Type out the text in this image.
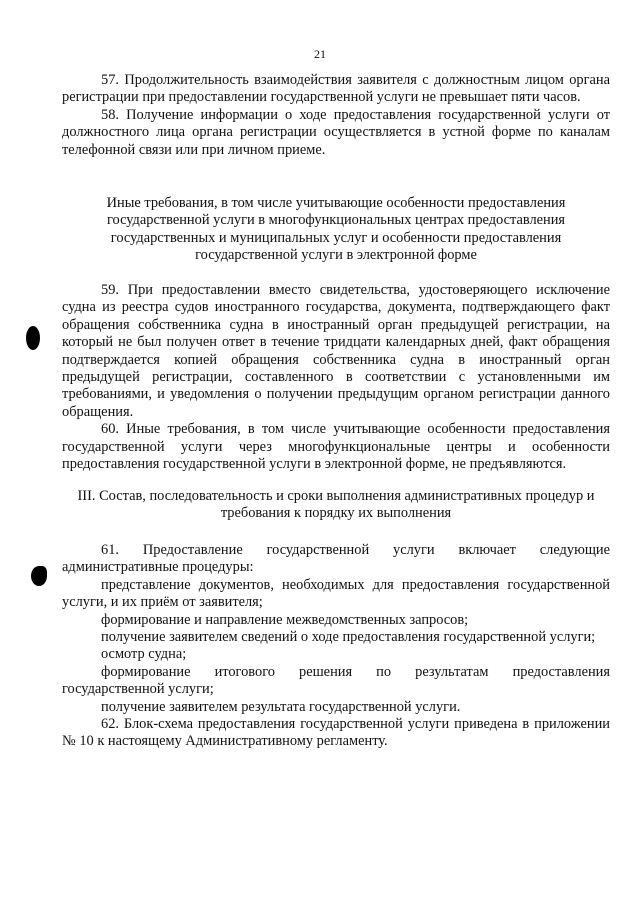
21

57. Продолжительность взаимодействия заявителя с должностным лицом органа регистрации при предоставлении государственной услуги не превышает пяти часов.

58. Получение информации о ходе предоставления государственной услуги от должностного лица органа регистрации осуществляется в устной форме по каналам телефонной связи или при личном приеме.

Иные требования, в том числе учитывающие особенности предоставления государственной услуги в многофункциональных центрах предоставления государственных и муниципальных услуг и особенности предоставления государственной услуги в электронной форме

59. При предоставлении вместо свидетельства, удостоверяющего исключение судна из реестра судов иностранного государства, документа, подтверждающего факт обращения собственника судна в иностранный орган предыдущей регистрации, на который не был получен ответ в течение тридцати календарных дней, факт обращения подтверждается копией обращения собственника судна в иностранный орган предыдущей регистрации, составленного в соответствии с установленными им требованиями, и уведомления о получении предыдущим органом регистрации данного обращения.

60. Иные требования, в том числе учитывающие особенности предоставления государственной услуги через многофункциональные центры и особенности предоставления государственной услуги в электронной форме, не предъявляются.

III. Состав, последовательность и сроки выполнения административных процедур и требования к порядку их выполнения

61. Предоставление государственной услуги включает следующие административные процедуры:

представление документов, необходимых для предоставления государственной услуги, и их приём от заявителя;

формирование и направление межведомственных запросов;

получение заявителем сведений о ходе предоставления государственной услуги;

осмотр судна;

формирование итогового решения по результатам предоставления государственной услуги;

получение заявителем результата государственной услуги.

62. Блок-схема предоставления государственной услуги приведена в приложении № 10 к настоящему Административному регламенту.
